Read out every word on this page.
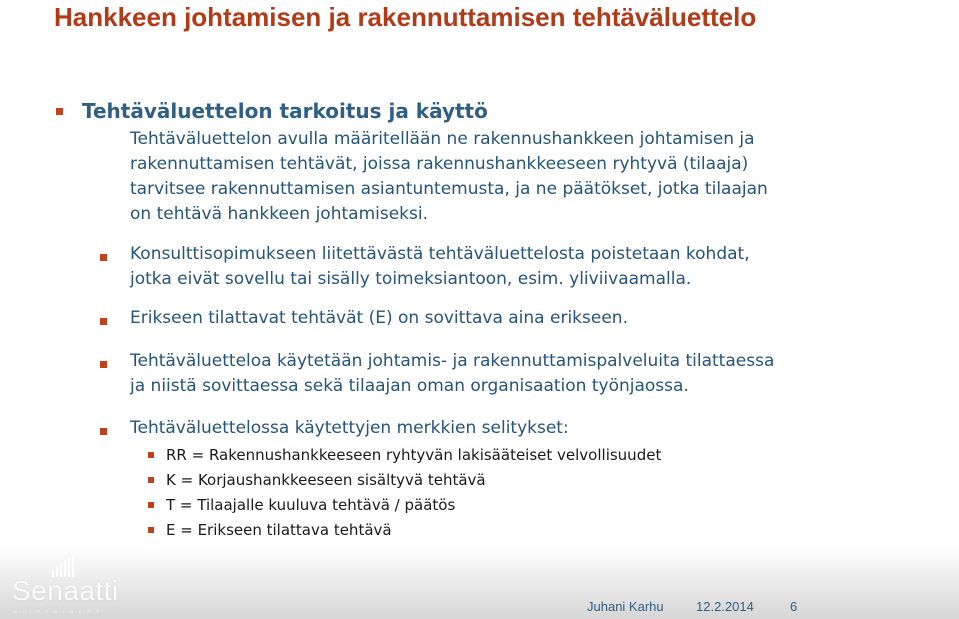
Hankkeen johtamisen ja rakennuttamisen tehtäväluettelo
Tehtäväluettelon tarkoitus ja käyttö
Tehtäväluettelon avulla määritellään ne rakennushankkeen johtamisen ja
rakennuttamisen tehtävät, joissa rakennushankkeeseen ryhtyvä (tilaaja)
tarvitsee rakennuttamisen asiantuntemusta, ja ne päätökset, jotka tilaajan
on tehtävä hankkeen johtamiseksi.
Konsulttisopimukseen liitettävästä tehtäväluettelosta poistetaan kohdat,
jotka eivät sovellu tai sisälly toimeksiantoon, esim. yliviivaamalla.
Erikseen tilattavat tehtävät (E) on sovittava aina erikseen.
Tehtäväluetteloa käytetään johtamis- ja rakennuttamispalveluita tilattaessa
ja niistä sovittaessa sekä tilaajan oman organisaation työnjaossa.
Tehtäväluettelossa käytettyjen merkkien selitykset:
RR = Rakennushankkeeseen ryhtyvän lakisääteiset velvollisuudet
K = Korjaushankkeeseen sisältyvä tehtävä
T = Tilaajalle kuuluva tehtävä / päätös
E = Erikseen tilattava tehtävä
Senaatti
KIINTEISTÖT	Juhani Karhu 12.2.2014	6
